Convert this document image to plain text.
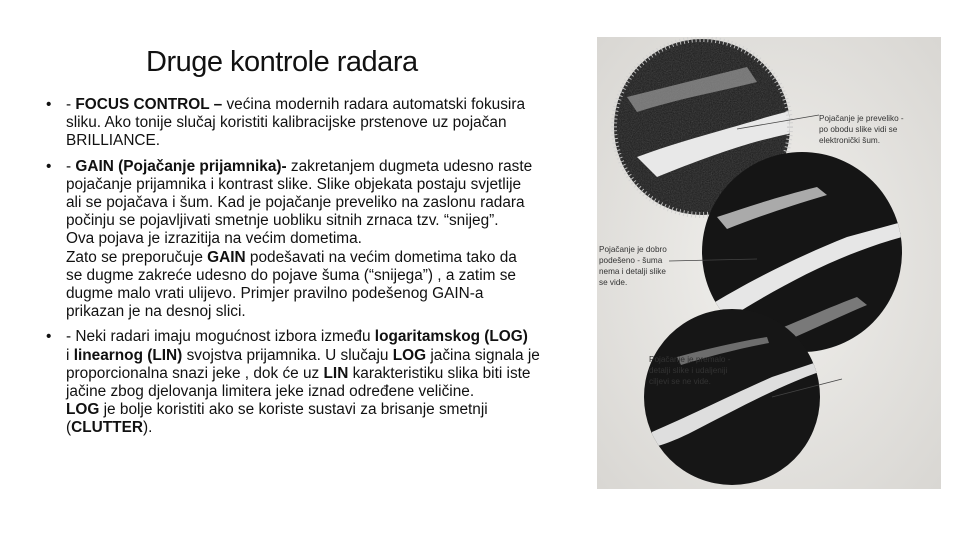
Druge kontrole radara
• - FOCUS CONTROL – većina modernih radara automatski fokusira
sliku. Ako tonije slučaj koristiti kalibracijske prstenove uz pojačan
BRILLIANCE.
• - GAIN (Pojačanje prijamnika)- zakretanjem dugmeta udesno raste
pojačanje prijamnika i kontrast slike. Slike objekata postaju svjetlije
ali se pojačava i šum. Kad je pojačanje preveliko na zaslonu radara
počinju se pojavljivati smetnje uobliku sitnih zrnaca tzv. “snijeg”.
Ova pojava je izrazitija na većim dometima.
Zato se preporučuje GAIN podešavati na većim dometima tako da
se dugme zakreće udesno do pojave šuma (“snijega”) , a zatim se
dugme malo vrati ulijevo. Primjer pravilno podešenog GAIN-a
prikazan je na desnoj slici.
• - Neki radari imaju mogućnost izbora između logaritamskog (LOG)
i linearnog (LIN) svojstva prijamnika. U slučaju LOG jačina signala je
proporcionalna snazi jeke , dok će uz LIN karakteristiku slika biti iste
jačine zbog djelovanja limitera jeke iznad određene veličine.
LOG je bolje koristiti ako se koriste sustavi za brisanje smetnji
(CLUTTER).
Pojačanje je preveliko - po obodu slike vidi se elektronički šum.
Pojačanje je dobro podešeno - šuma nema i detalji slike se vide.
Pojačanje je premalo - detalji slike i udaljeniji ciljevi se ne vide.
